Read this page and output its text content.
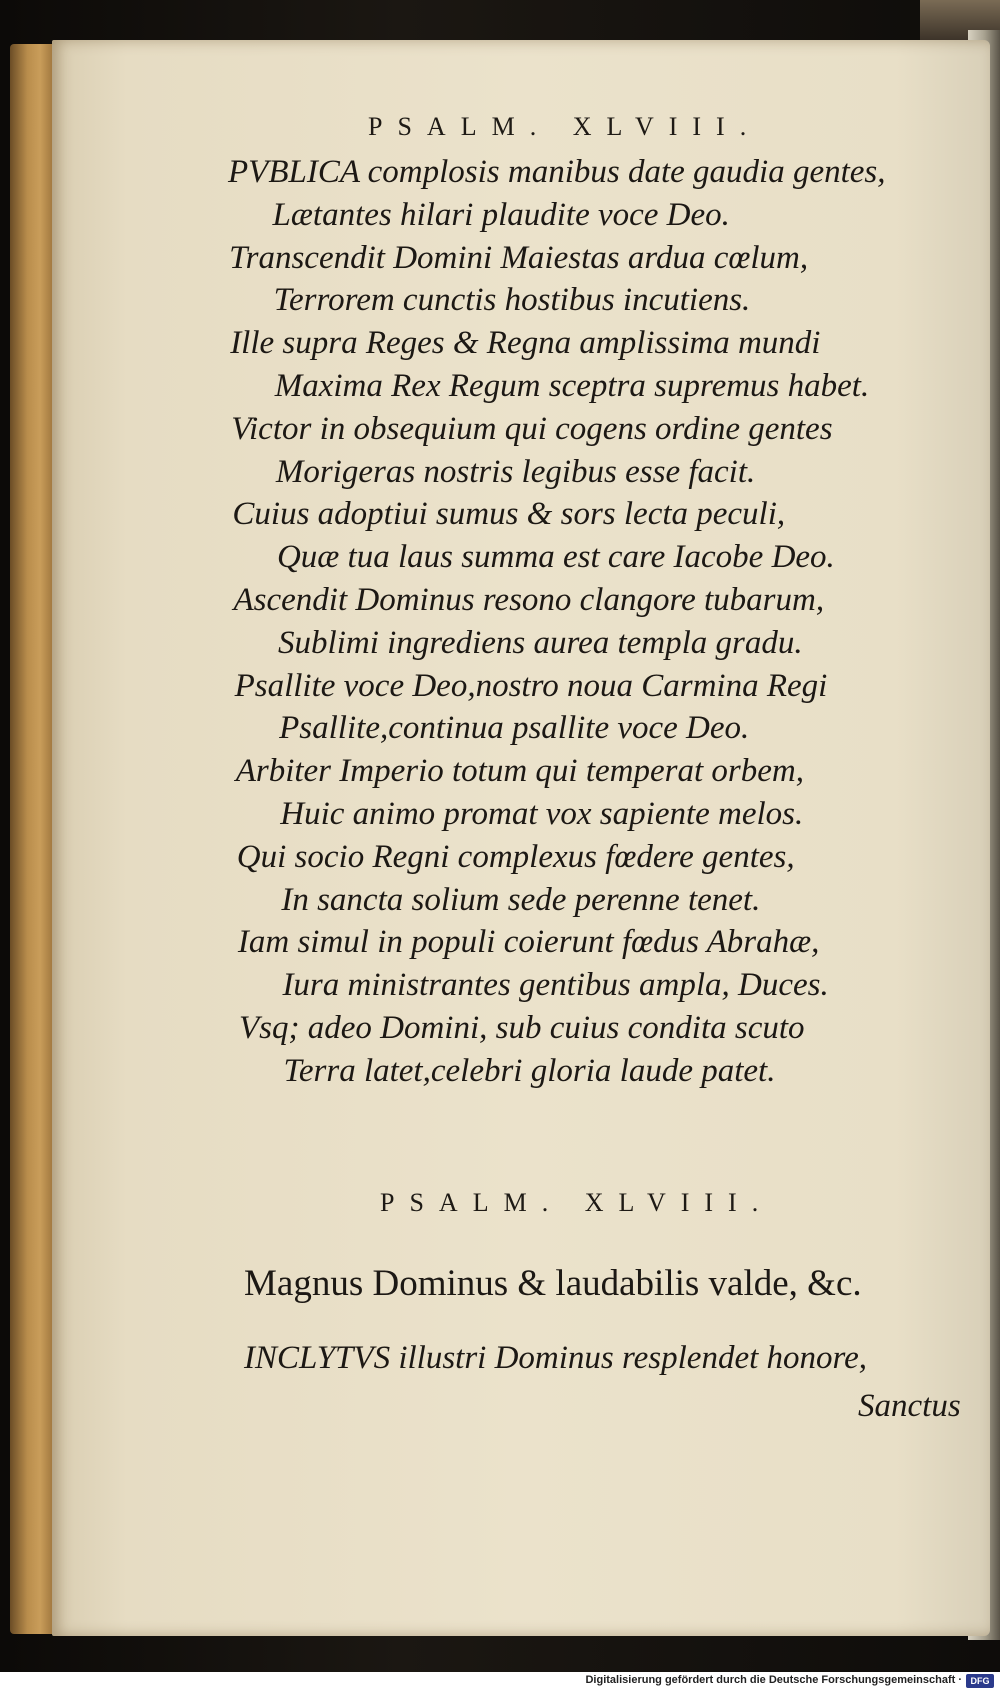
PSALM. XLVIII.
PVBLICA complosis manibus date gaudia gentes,
Lætantes hilari plaudite voce Deo.
Transcendit Domini Maiestas ardua cœlum,
Terrorem cunctis hostibus incutiens.
Ille supra Reges & Regna amplissima mundi
Maxima Rex Regum sceptra supremus habet.
Victor in obsequium qui cogens ordine gentes
Morigeras nostris legibus esse facit.
Cuius adoptiui sumus & sors lecta peculi,
Quæ tua laus summa est care Iacobe Deo.
Ascendit Dominus resono clangore tubarum,
Sublimi ingrediens aurea templa gradu.
Psallite voce Deo,nostro noua Carmina Regi
Psallite,continua psallite voce Deo.
Arbiter Imperio totum qui temperat orbem,
Huic animo promat vox sapiente melos.
Qui socio Regni complexus fœdere gentes,
In sancta solium sede perenne tenet.
Iam simul in populi coierunt fœdus Abrahæ,
Iura ministrantes gentibus ampla, Duces.
Vsq; adeo Domini, sub cuius condita scuto
Terra latet,celebri gloria laude patet.
PSALM. XLVIII.
Magnus Dominus & laudabilis valde, &c.
INCLYTVS illustri Dominus resplendet honore,
Sanctus
Digitalisierung gefördert durch die Deutsche Forschungsgemeinschaft · DFG
